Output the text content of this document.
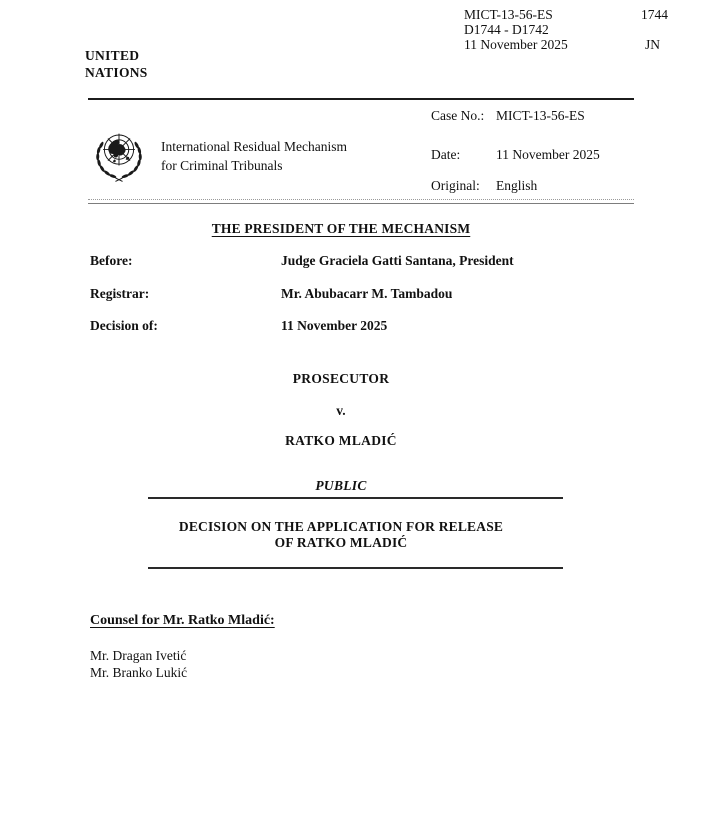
MICT-13-56-ES
D1744 - D1742
11 November 2025
1744
JN
UNITED
NATIONS
International Residual Mechanism
for Criminal Tribunals
Case No.: MICT-13-56-ES
Date:	11 November 2025
Original: English
THE PRESIDENT OF THE MECHANISM
Before:	Judge Graciela Gatti Santana, President
Registrar:	Mr. Abubacarr M. Tambadou
Decision of:	11 November 2025
PROSECUTOR
v.
RATKO MLADIĆ
PUBLIC
DECISION ON THE APPLICATION FOR RELEASE
OF RATKO MLADIĆ
Counsel for Mr. Ratko Mladić:
Mr. Dragan Ivetić
Mr. Branko Lukić
